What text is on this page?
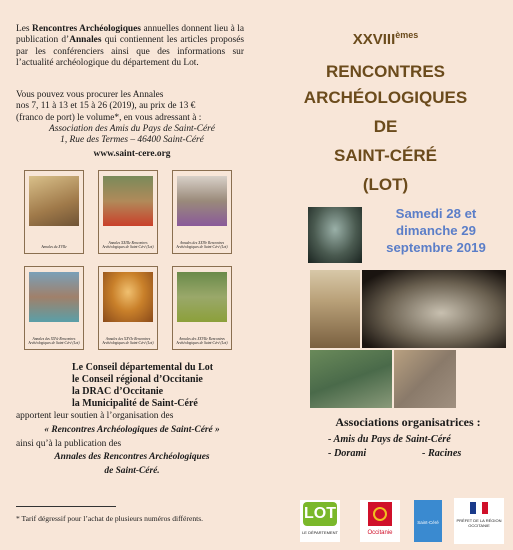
Les Rencontres Archéologiques annuelles donnent lieu à la publication d’Annales qui contiennent les articles proposés par les conférenciers ainsi que des informations sur l’actualité archéologique du département du Lot.
Vous pouvez vous procurer les Annales
nos 7, 11 à 13 et 15 à 26 (2019), au prix de 13 €
(franco de port) le volume*, en vous adressant à :
Association des Amis du Pays de Saint-Céré
1, Rue des Termes – 46400 Saint-Céré
www.saint-cere.org
Annales du XVIIe
Annales XXIIIe Rencontres Archéologiques de Saint-Céré (Lot)
Annales des XXIVe Rencontres Archéologiques de Saint-Céré (Lot)
Annales des XXVe Rencontres Archéologiques de Saint-Céré (Lot)
Annales des XXVIe Rencontres Archéologiques de Saint-Céré (Lot)
Annales des XXVIIe Rencontres Archéologiques de Saint-Céré (Lot)
Le Conseil départemental du Lot
le Conseil régional d’Occitanie
la DRAC d’Occitanie
la Municipalité de Saint-Céré
apportent leur soutien à l’organisation des
« Rencontres Archéologiques de Saint-Céré »
ainsi qu’à la publication des
Annales des Rencontres Archéologiques
de Saint-Céré.
* Tarif dégressif pour l’achat de plusieurs numéros différents.
XXVIIIèmes
RENCONTRES
ARCHÉOLOGIQUES
DE
SAINT-CÉRÉ
(LOT)
Samedi 28 et
dimanche 29
septembre 2019
Associations organisatrices :
- Amis du Pays de Saint-Céré
- Dorami	- Racines
LOT
LE DÉPARTEMENT	Occitanie
Saint-Céré	PRÉFET DE LA RÉGION OCCITANIE
